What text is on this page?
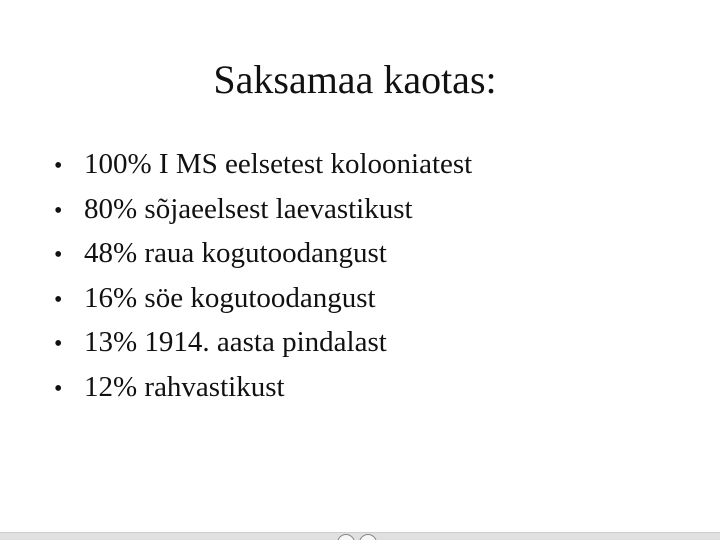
Saksamaa kaotas:
• 100% I MS eelsetest kolooniatest
• 80% sõjaeelsest laevastikust
• 48% raua kogutoodangust
• 16% söe kogutoodangust
• 13% 1914. aasta pindalast
• 12% rahvastikust
